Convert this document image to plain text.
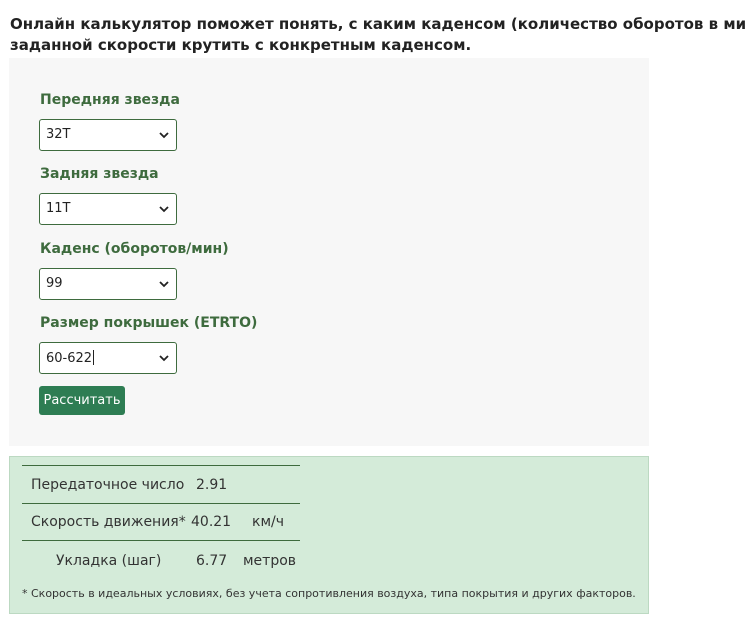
Онлайн калькулятор поможет понять, с каким каденсом (количество оборотов в ми
заданной скорости крутить с конкретным каденсом.
Передняя звезда
32T
Задняя звезда
11T
Каденс (оборотов/мин)
99
Размер покрышек (ETRTO)
60-622
Рассчитать
Передаточное число 2.91
Скорость движения* 40.21 км/ч
Укладка (шаг) 6.77 метров
* Скорость в идеальных условиях, без учета сопротивления воздуха, типа покрытия и других факторов.
